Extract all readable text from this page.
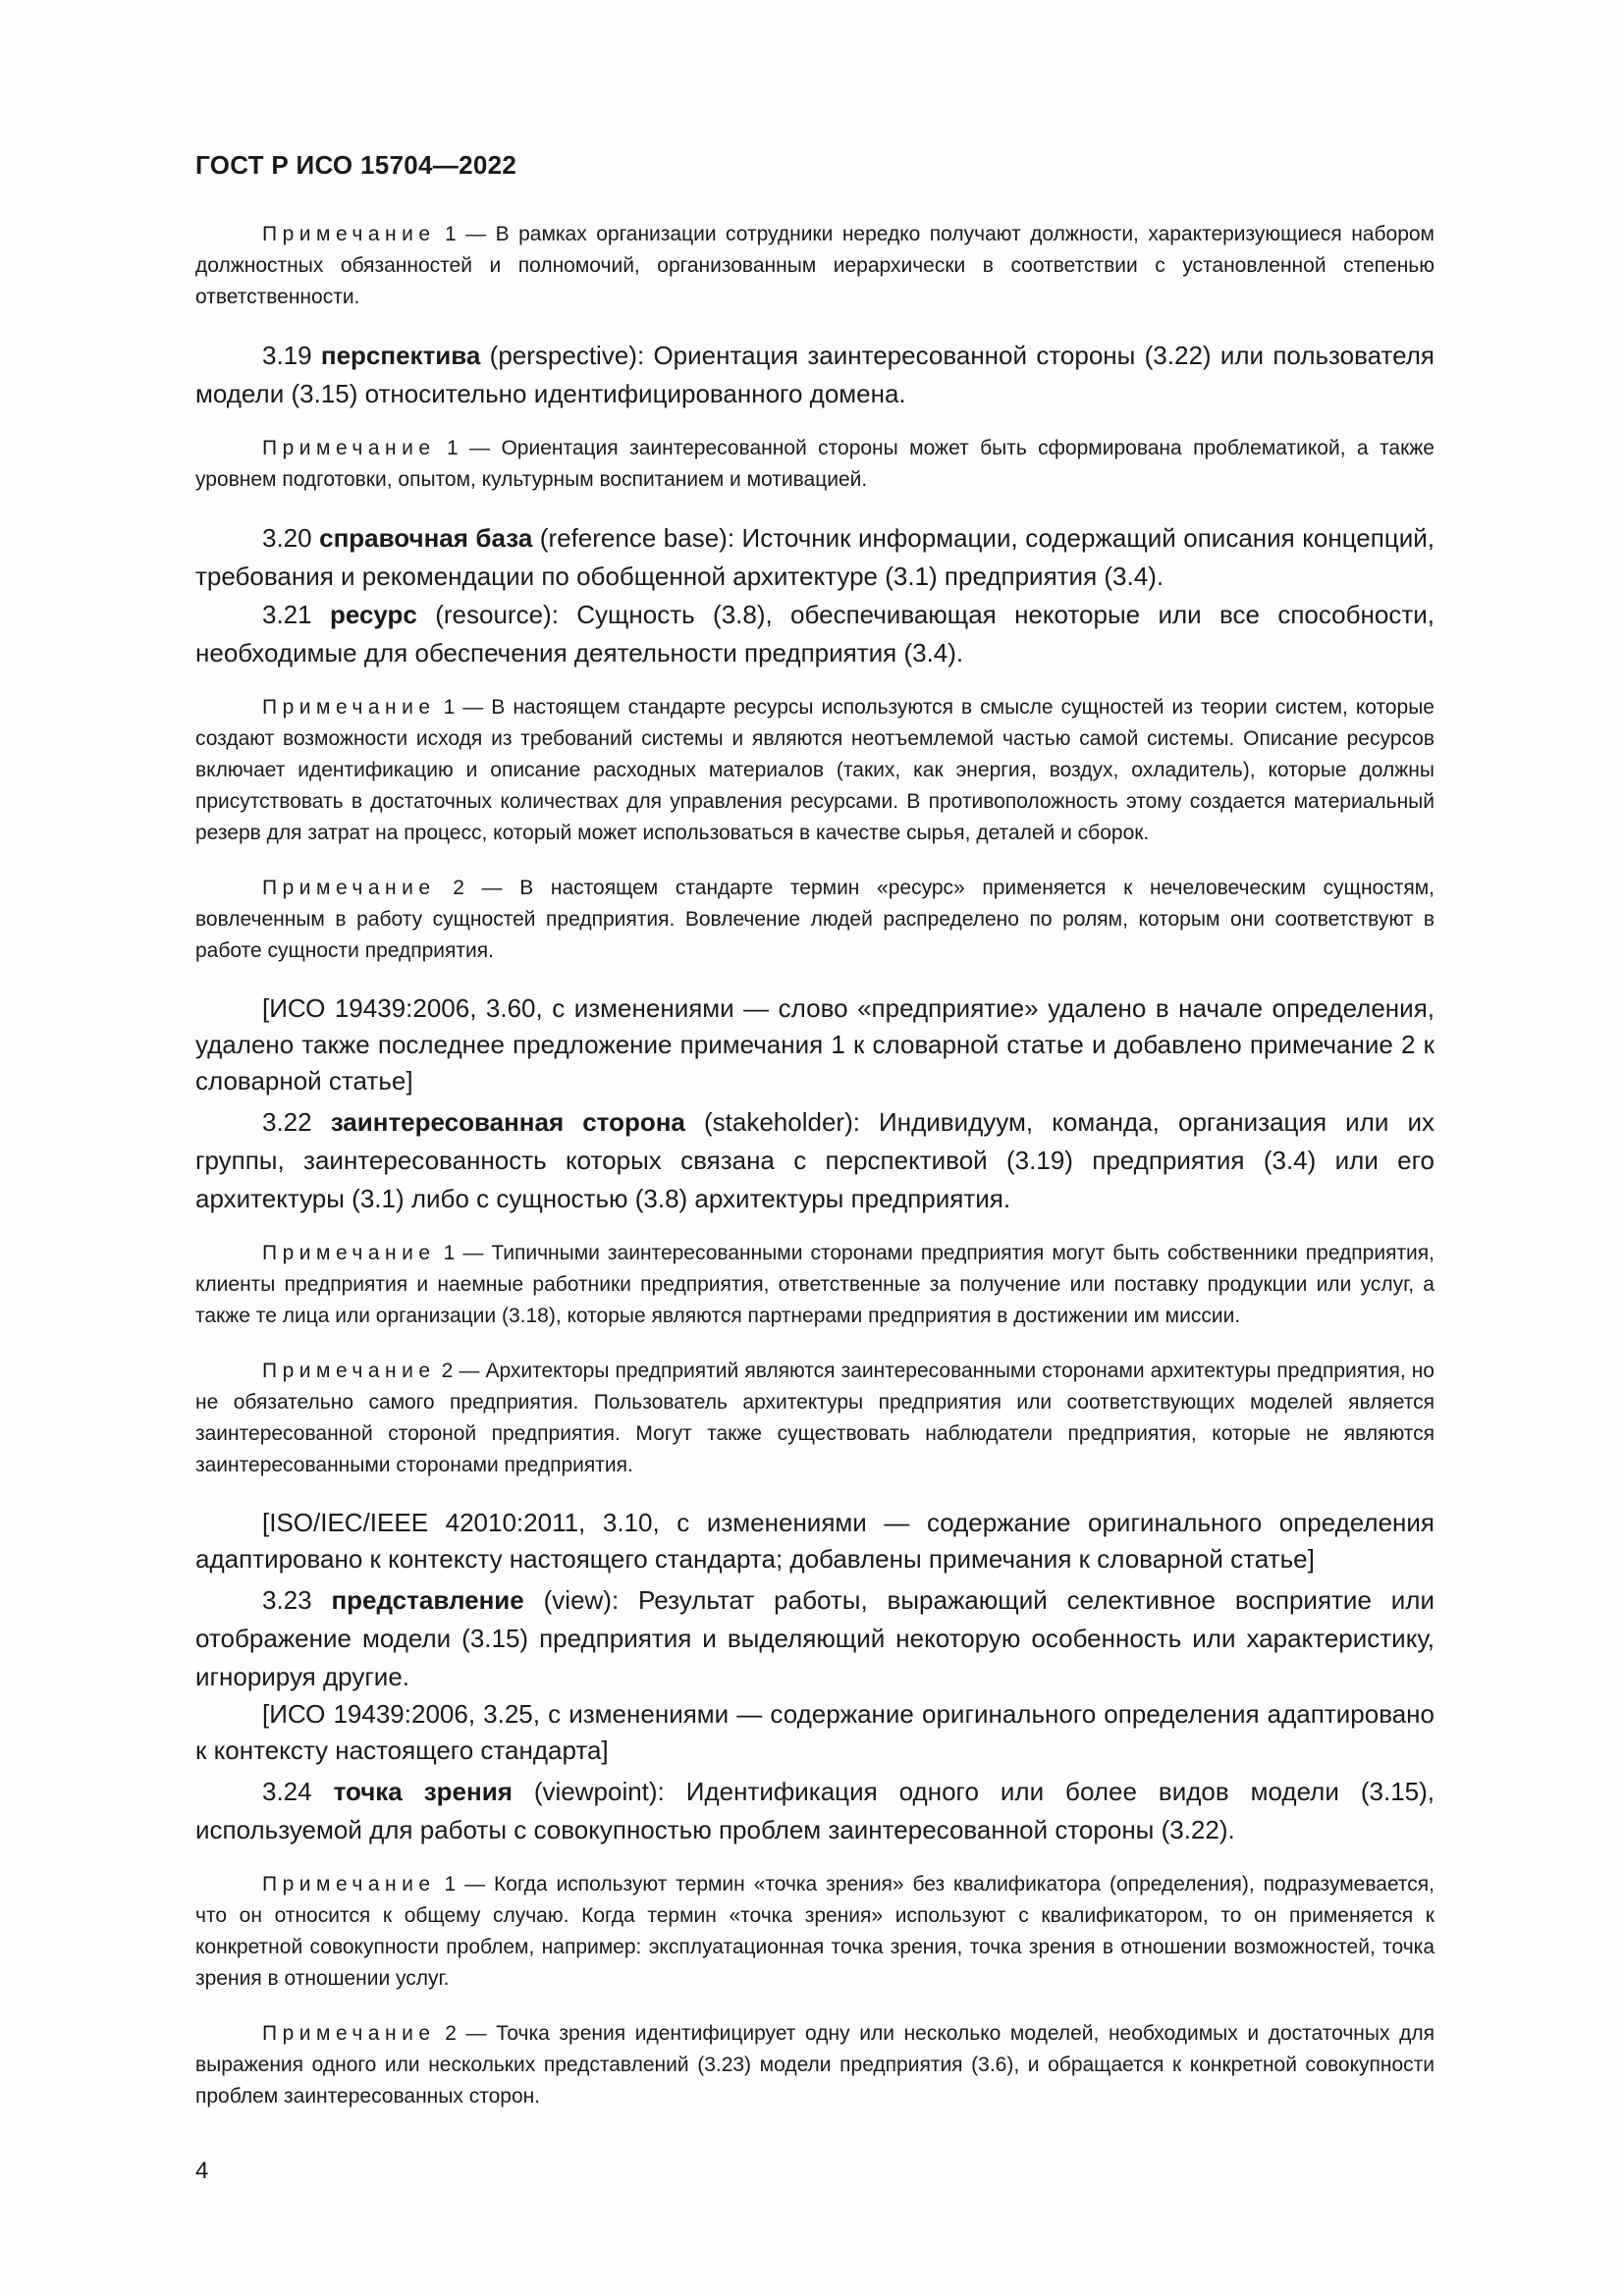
ГОСТ Р ИСО 15704—2022

Примечание 1 — В рамках организации сотрудники нередко получают должности, характеризующиеся набором должностных обязанностей и полномочий, организованным иерархически в соответствии с установленной степенью ответственности.

3.19 перспектива (perspective): Ориентация заинтересованной стороны (3.22) или пользователя модели (3.15) относительно идентифицированного домена.

Примечание 1 — Ориентация заинтересованной стороны может быть сформирована проблематикой, а также уровнем подготовки, опытом, культурным воспитанием и мотивацией.

3.20 справочная база (reference base): Источник информации, содержащий описания концепций, требования и рекомендации по обобщенной архитектуре (3.1) предприятия (3.4).

3.21 ресурс (resource): Сущность (3.8), обеспечивающая некоторые или все способности, необходимые для обеспечения деятельности предприятия (3.4).

Примечание 1 — В настоящем стандарте ресурсы используются в смысле сущностей из теории систем, которые создают возможности исходя из требований системы и являются неотъемлемой частью самой системы. Описание ресурсов включает идентификацию и описание расходных материалов (таких, как энергия, воздух, охладитель), которые должны присутствовать в достаточных количествах для управления ресурсами. В противоположность этому создается материальный резерв для затрат на процесс, который может использоваться в качестве сырья, деталей и сборок.

Примечание 2 — В настоящем стандарте термин «ресурс» применяется к нечеловеческим сущностям, вовлеченным в работу сущностей предприятия. Вовлечение людей распределено по ролям, которым они соответствуют в работе сущности предприятия.

[ИСО 19439:2006, 3.60, с изменениями — слово «предприятие» удалено в начале определения, удалено также последнее предложение примечания 1 к словарной статье и добавлено примечание 2 к словарной статье]

3.22 заинтересованная сторона (stakeholder): Индивидуум, команда, организация или их группы, заинтересованность которых связана с перспективой (3.19) предприятия (3.4) или его архитектуры (3.1) либо с сущностью (3.8) архитектуры предприятия.

Примечание 1 — Типичными заинтересованными сторонами предприятия могут быть собственники предприятия, клиенты предприятия и наемные работники предприятия, ответственные за получение или поставку продукции или услуг, а также те лица или организации (3.18), которые являются партнерами предприятия в достижении им миссии.

Примечание 2 — Архитекторы предприятий являются заинтересованными сторонами архитектуры предприятия, но не обязательно самого предприятия. Пользователь архитектуры предприятия или соответствующих моделей является заинтересованной стороной предприятия. Могут также существовать наблюдатели предприятия, которые не являются заинтересованными сторонами предприятия.

[ISO/IEC/IEEE 42010:2011, 3.10, с изменениями — содержание оригинального определения адаптировано к контексту настоящего стандарта; добавлены примечания к словарной статье]

3.23 представление (view): Результат работы, выражающий селективное восприятие или отображение модели (3.15) предприятия и выделяющий некоторую особенность или характеристику, игнорируя другие.

[ИСО 19439:2006, 3.25, с изменениями — содержание оригинального определения адаптировано к контексту настоящего стандарта]

3.24 точка зрения (viewpoint): Идентификация одного или более видов модели (3.15), используемой для работы с совокупностью проблем заинтересованной стороны (3.22).

Примечание 1 — Когда используют термин «точка зрения» без квалификатора (определения), подразумевается, что он относится к общему случаю. Когда термин «точка зрения» используют с квалификатором, то он применяется к конкретной совокупности проблем, например: эксплуатационная точка зрения, точка зрения в отношении возможностей, точка зрения в отношении услуг.

Примечание 2 — Точка зрения идентифицирует одну или несколько моделей, необходимых и достаточных для выражения одного или нескольких представлений (3.23) модели предприятия (3.6), и обращается к конкретной совокупности проблем заинтересованных сторон.

4
